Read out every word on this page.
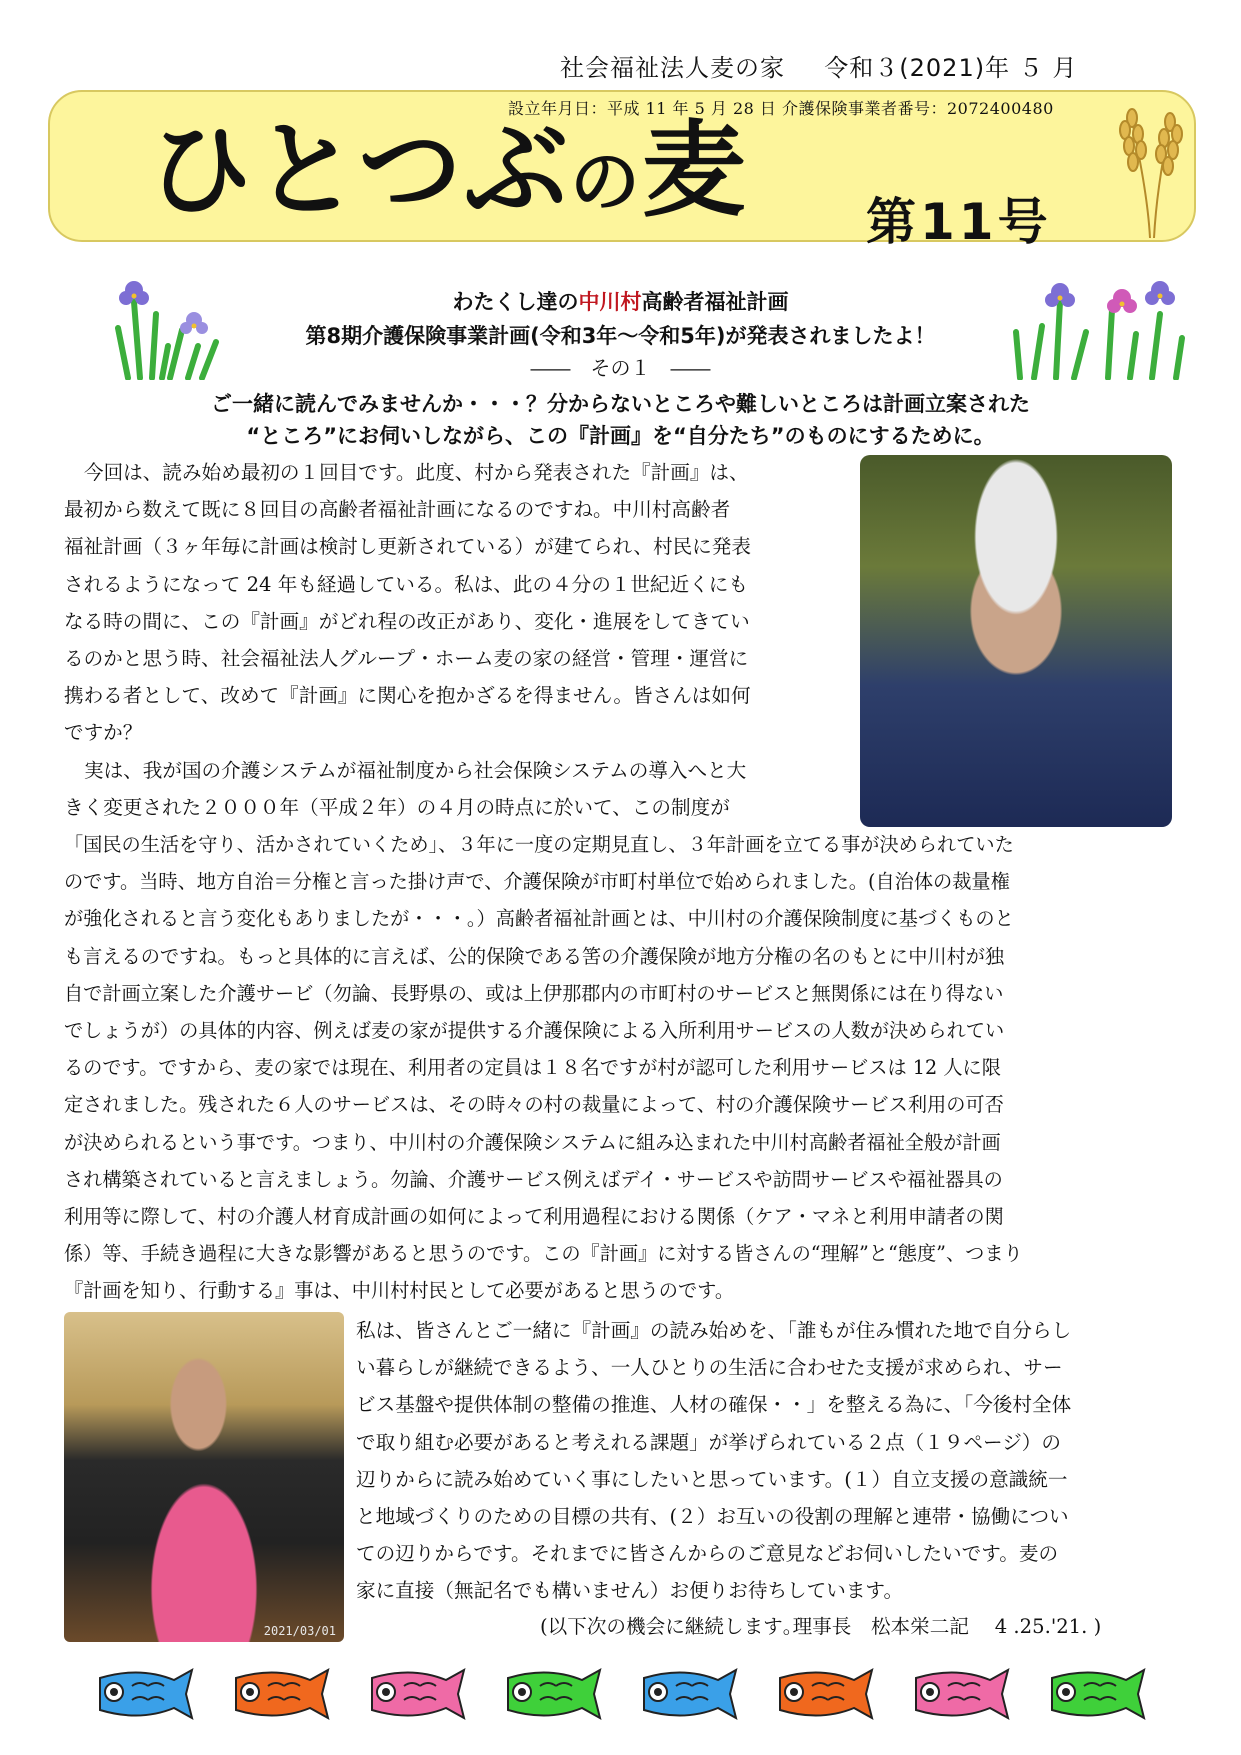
社会福祉法人麦の家 令和３(2021)年 ５ 月
設立年月日：平成 11 年 5 月 28 日 介護保険事業者番号：2072400480
ひとつぶの麦 第11号
わたくし達の中川村高齢者福祉計画
第8期介護保険事業計画(令和3年～令和5年)が発表されましたよ！
――　その１　――
ご一緒に読んでみませんか・・・？分からないところや難しいところは計画立案された
“ところ”にお伺いしながら、この『計画』を“自分たち”のものにするために。
今回は、読み始め最初の１回目です。此度、村から発表された『計画』は、
最初から数えて既に８回目の高齢者福祉計画になるのですね。中川村高齢者
福祉計画（３ヶ年毎に計画は検討し更新されている）が建てられ、村民に発表
されるようになって 24 年も経過している。私は、此の４分の１世紀近くにも
なる時の間に、この『計画』がどれ程の改正があり、変化・進展をしてきてい
るのかと思う時、社会福祉法人グループ・ホーム麦の家の経営・管理・運営に
携わる者として、改めて『計画』に関心を抱かざるを得ません。皆さんは如何
ですか？
実は、我が国の介護システムが福祉制度から社会保険システムの導入へと大
きく変更された２０００年（平成２年）の４月の時点に於いて、この制度が
「国民の生活を守り、活かされていくため」、３年に一度の定期見直し、３年計画を立てる事が決められていた
のです。当時、地方自治＝分権と言った掛け声で、介護保険が市町村単位で始められました。(自治体の裁量権
が強化されると言う変化もありましたが・・・。）高齢者福祉計画とは、中川村の介護保険制度に基づくものと
も言えるのですね。もっと具体的に言えば、公的保険である筈の介護保険が地方分権の名のもとに中川村が独
自で計画立案した介護サービ（勿論、長野県の、或は上伊那郡内の市町村のサービスと無関係には在り得ない
でしょうが）の具体的内容、例えば麦の家が提供する介護保険による入所利用サービスの人数が決められてい
るのです。ですから、麦の家では現在、利用者の定員は１８名ですが村が認可した利用サービスは 12 人に限
定されました。残された６人のサービスは、その時々の村の裁量によって、村の介護保険サービス利用の可否
が決められるという事です。つまり、中川村の介護保険システムに組み込まれた中川村高齢者福祉全般が計画
され構築されていると言えましょう。勿論、介護サービス例えばデイ・サービスや訪問サービスや福祉器具の
利用等に際して、村の介護人材育成計画の如何によって利用過程における関係（ケア・マネと利用申請者の関
係）等、手続き過程に大きな影響があると思うのです。この『計画』に対する皆さんの“理解”と“態度”、つまり
『計画を知り、行動する』事は、中川村村民として必要があると思うのです。
2021/03/01
私は、皆さんとご一緒に『計画』の読み始めを、「誰もが住み慣れた地で自分らし
い暮らしが継続できるよう、一人ひとりの生活に合わせた支援が求められ、サー
ビス基盤や提供体制の整備の推進、人材の確保・・」を整える為に、「今後村全体
で取り組む必要があると考えれる課題」が挙げられている２点（１９ページ）の
辺りからに読み始めていく事にしたいと思っています。(１）自立支援の意識統一
と地域づくりのための目標の共有、(２）お互いの役割の理解と連帯・協働につい
ての辺りからです。それまでに皆さんからのご意見などお伺いしたいです。麦の
家に直接（無記名でも構いません）お便りお待ちしています。
(以下次の機会に継続します｡理事長　松本栄二記　 4 .25.'21. )
